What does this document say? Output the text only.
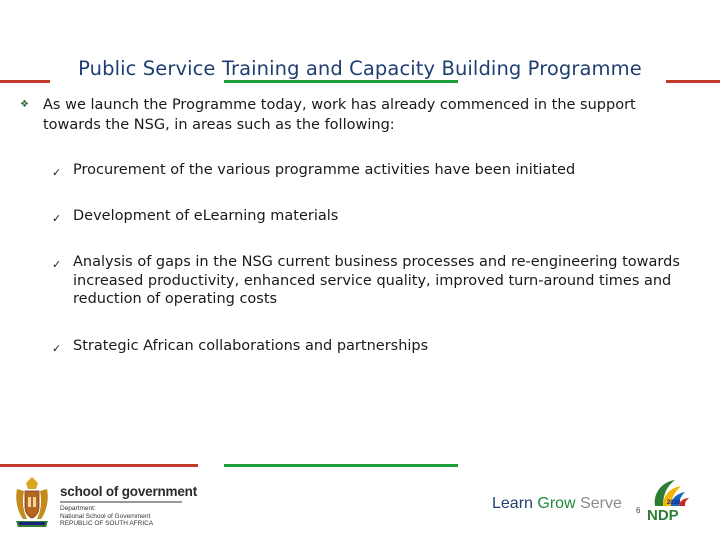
Public Service Training and Capacity Building Programme
❖ As we launch the Programme today, work has already commenced in the support towards the NSG, in areas such as the following:
✓ Procurement of the various programme activities have been initiated
✓ Development of eLearning materials
✓ Analysis of gaps in the NSG current business processes and re-engineering towards increased productivity, enhanced service quality, improved turn-around times and reduction of operating costs
✓ Strategic African collaborations and partnerships
school of government
Department:
National School of Government
REPUBLIC OF SOUTH AFRICA
Learn Grow Serve 6
2030
NDP
